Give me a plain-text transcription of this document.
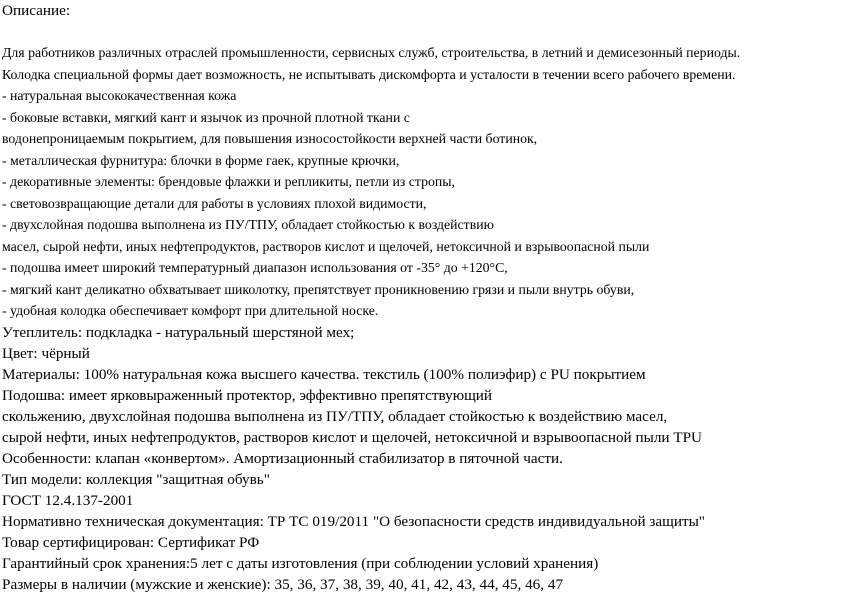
Описание:
Для работников различных отраслей промышленности, сервисных служб, строительства, в летний и демисезонный периоды.
Колодка специальной формы дает возможность, не испытывать дискомфорта и усталости в течении всего рабочего времени.
- натуральная высококачественная кожа
- боковые вставки, мягкий кант и язычок из прочной плотной ткани с
водонепроницаемым покрытием, для повышения износостойкости верхней части ботинок,
- металлическая фурнитура: блочки в форме гаек, крупные крючки,
- декоративные элементы: брендовые флажки и репликиты, петли из стропы,
- световозвращающие детали для работы в условиях плохой видимости,
- двухслойная подошва выполнена из ПУ/ТПУ, обладает стойкостью к воздействию
масел, сырой нефти, иных нефтепродуктов, растворов кислот и щелочей, нетоксичной и взрывоопасной пыли
- подошва имеет широкий температурный диапазон использования от -35° до +120°С,
- мягкий кант деликатно обхватывает шиколотку, препятствует проникновению грязи и пыли внутрь обуви,
- удобная колодка обеспечивает комфорт при длительной носке.
Утеплитель: подкладка - натуральный шерстяной мех;
Цвет: чёрный
Материалы: 100% натуральная кожа высшего качества. текстиль (100% полиэфир) с PU покрытием
Подошва: имеет ярковыраженный протектор, эффективно препятствующий
скольжению, двухслойная подошва выполнена из ПУ/ТПУ, обладает стойкостью к воздействию масел,
сырой нефти, иных нефтепродуктов, растворов кислот и щелочей, нетоксичной и взрывоопасной пыли TPU
Особенности: клапан «конвертом». Амортизационный стабилизатор в пяточной части.
Тип модели: коллекция "защитная обувь"
ГОСТ 12.4.137-2001
Нормативно техническая документация: ТР ТС 019/2011 "О безопасности средств индивидуальной защиты"
Товар сертифицирован: Сертификат РФ
Гарантийный срок хранения:5 лет с даты изготовления (при соблюдении условий хранения)
Размеры в наличии (мужские и женские): 35, 36, 37, 38, 39, 40, 41, 42, 43, 44, 45, 46, 47
